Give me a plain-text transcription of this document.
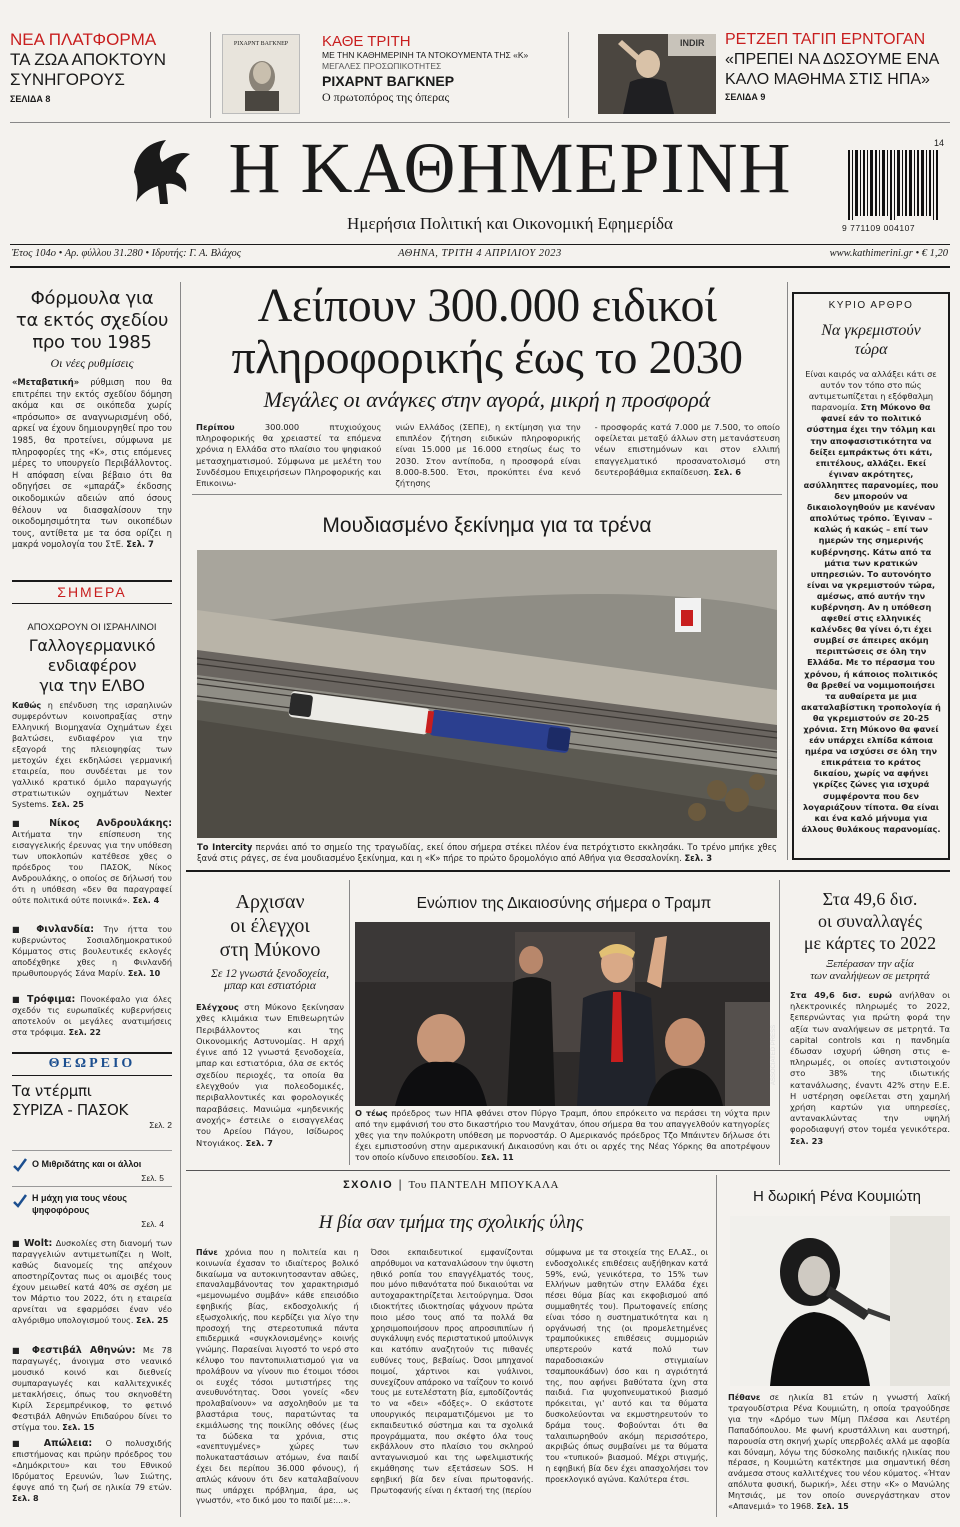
ΝΕΑ ΠΛΑΤΦΟΡΜΑ
ΤΑ ΖΩΑ ΑΠΟΚΤΟΥΝ
ΣΥΝΗΓΟΡΟΥΣ
ΣΕΛΙΔΑ 8
ΡΙΧΑΡΝΤ ΒΑΓΚΝΕΡ	ΚΑΘΕ ΤΡΙΤΗ
ΜΕ ΤΗΝ ΚΑΘΗΜΕΡΙΝΗ ΤΑ ΝΤΟΚΟΥΜΕΝΤΑ ΤΗΣ «Κ»
ΜΕΓΑΛΕΣ ΠΡΟΣΩΠΙΚΟΤΗΤΕΣ
ΡΙΧΑΡΝΤ ΒΑΓΚΝΕΡ
Ο πρωτοπόρος της όπερας
INDIR ΡΕΤΖΕΠ ΤΑΓΙΠ ΕΡΝΤΟΓΑΝ
«ΠΡΕΠΕΙ ΝΑ ΔΩΣΟΥΜΕ ΕΝΑ
ΚΑΛΟ ΜΑΘΗΜΑ ΣΤΙΣ ΗΠΑ»
ΣΕΛΙΔΑ 9
Η ΚΑΘΗΜΕΡΙΝΗ
Ημερήσια Πολιτική και Οικονομική Εφημερίδα
14
9 771109 004107
Έτος 104ο • Αρ. φύλλου 31.280 • Ιδρυτής: Γ. Α. Βλάχος	ΑΘΗΝΑ, ΤΡΙΤΗ 4 ΑΠΡΙΛΙΟΥ 2023	www.kathimerini.gr • € 1,20
Φόρμουλα για
τα εκτός σχεδίου
προ του 1985
Οι νέες ρυθμίσεις
«Μεταβατική» ρύθμιση που θα επιτρέπει την εκτός σχεδίου δόμηση ακόμα και σε οικόπεδα χωρίς «πρόσωπο» σε αναγνωρισμένη οδό, αρκεί να έχουν δημιουργηθεί προ του 1985, θα προτείνει, σύμφωνα με πληροφορίες της «Κ», στις επόμενες μέρες το υπουργείο Περιβάλλοντος. Η απόφαση είναι βέβαιο ότι θα οδηγήσει σε «μπαράζ» έκδοσης οικοδομικών αδειών από όσους θέλουν να διασφαλίσουν την οικοδομησιμότητα των οικοπέδων τους, αντίθετα με τα όσα ορίζει η μακρά νομολογία του ΣτΕ. Σελ. 7
ΣΗΜΕΡΑ
ΑΠΟΧΩΡΟΥΝ ΟΙ ΙΣΡΑΗΛΙΝΟΙ
Γαλλογερμανικό
ενδιαφέρον
για την ΕΛΒΟ
Καθώς η επένδυση της ισραηλινών συμφερόντων κοινοπραξίας στην Ελληνική Βιομηχανία Οχημάτων έχει βαλτώσει, ενδιαφέρον για την εξαγορά της πλειοψηφίας των μετοχών έχει εκδηλώσει γερμανική εταιρεία, που συνδέεται με τον γαλλικό κρατικό όμιλο παραγωγής στρατιωτικών οχημάτων Nexter Systems. Σελ. 25
■ Νίκος Ανδρουλάκης: Αιτήματα την επίσπευση της εισαγγελικής έρευνας για την υπόθεση των υποκλοπών κατέθεσε χθες ο πρόεδρος του ΠΑΣΟΚ, Νίκος Ανδρουλάκης, ο οποίος σε δήλωσή του ότι η υπόθεση «δεν θα παραγραφεί ούτε πολιτικά ούτε ποινικά». Σελ. 4
■ Φινλανδία: Την ήττα του κυβερνώντος Σοσιαλδημοκρατικού Κόμματος στις βουλευτικές εκλογές αποδέχθηκε χθες η Φινλανδή πρωθυπουργός Σάνα Μαρίν. Σελ. 10
■ Τρόφιμα: Πονοκέφαλο για όλες σχεδόν τις ευρωπαϊκές κυβερνήσεις αποτελούν οι μεγάλες ανατιμήσεις στα τρόφιμα. Σελ. 22
ΘΕΩΡΕΙΟ
Τα ντέρμπι
ΣΥΡΙΖΑ - ΠΑΣΟΚ
Σελ. 2
Ο Μιθριδάτης και οι άλλοι
Σελ. 5
Η μάχη για τους νέους
ψηφοφόρους
Σελ. 4
■ Wolt: Δυσκολίες στη διανομή των παραγγελιών αντιμετωπίζει η Wolt, καθώς διανομείς της απέχουν αποστηρίζοντας πως οι αμοιβές τους έχουν μειωθεί κατά 40% σε σχέση με τον Μάρτιο του 2022, ότι η εταιρεία αρνείται να εφαρμόσει έναν νέο αλγόριθμο υπολογισμού τους. Σελ. 25
■ Φεστιβάλ Αθηνών: Με 78 παραγωγές, άνοιγμα στο νεανικό μουσικό κοινό και διεθνείς συμπαραγωγές και καλλιτεχνικές μετακλήσεις, όπως του σκηνοθέτη Κιρίλ Σερεμπρένικοφ, το φετινό Φεστιβάλ Αθηνών Επιδαύρου δίνει το στίγμα του. Σελ. 15
■ Απώλεια: Ο πολυσχιδής επιστήμονας και πρώην πρόεδρος του «Δημόκριτου» και του Εθνικού Ιδρύματος Ερευνών, Ίων Σιώτης, έφυγε από τη ζωή σε ηλικία 79 ετών. Σελ. 8
Λείπουν 300.000 ειδικοί
πληροφορικής έως το 2030
Μεγάλες οι ανάγκες στην αγορά, μικρή η προσφορά
Περίπου	300.000 πτυχιούχους πληροφορικής θα χρειαστεί τα επόμενα χρόνια η Ελλάδα στο πλαίσιο του ψηφιακού μετασχηματισμού. Σύμφωνα με μελέτη του Συνδέσμου Επιχειρήσεων Πληροφορικής και Επικοινω-
νιών Ελλάδος (ΣΕΠΕ), η εκτίμηση για την επιπλέον ζήτηση ειδικών πληροφορικής είναι 15.000 με 16.000 ετησίως έως το 2030. Στον αντίποδα, η προσφορά είναι 8.000-8.500. Έτσι, προκύπτει ένα κενό ζήτησης
- προσφοράς κατά 7.000 με 7.500, το οποίο οφείλεται μεταξύ άλλων στη μετανάστευση νέων επιστημόνων και στον ελλιπή επαγγελματικό προσανατολισμό στη δευτεροβάθμια εκπαίδευση. Σελ. 6
Μουδιασμένο ξεκίνημα για τα τρένα
ΑΛΕΞΑΝΔΡΟΣ ΑΒΡΑΜΙΔΗΣ
Το Intercity περνάει από το σημείο της τραγωδίας, εκεί όπου σήμερα στέκει πλέον ένα πετρόχτιστο εκκλησάκι. Το τρένο μπήκε χθες ξανά στις ράγες, σε ένα μουδιασμένο ξεκίνημα, και η «Κ» πήρε το πρώτο δρομολόγιο από Αθήνα για Θεσσαλονίκη. Σελ. 3
ΚΥΡΙΟ ΑΡΘΡΟ
Να γκρεμιστούν
τώρα
Είναι καιρός να αλλάξει κάτι σε αυτόν τον τόπο στο πώς αντιμετωπίζεται η εξόφθαλμη παρανομία. Στη Μύκονο θα φανεί εάν το πολιτικό σύστημα έχει την τόλμη και την αποφασιστικότητα να δείξει εμπράκτως ότι κάτι, επιτέλους, αλλάζει. Εκεί έγιναν ακρότητες, ασύλληπτες παρανομίες, που δεν μπορούν να δικαιολογηθούν με κανέναν απολύτως τρόπο. Έγιναν – καλώς ή κακώς – επί των ημερών της σημερινής κυβέρνησης. Κάτω από τα μάτια των κρατικών υπηρεσιών. Το αυτονόητο είναι να γκρεμιστούν τώρα, αμέσως, από αυτήν την κυβέρνηση. Αν η υπόθεση αφεθεί στις ελληνικές καλένδες θα γίνει ό,τι έχει συμβεί σε άπειρες ακόμη περιπτώσεις σε όλη την Ελλάδα. Με το πέρασμα του χρόνου, ή κάποιος πολιτικός θα βρεθεί να νομιμοποιήσει τα αυθαίρετα με μια ακαταλαβίστικη τροπολογία ή θα γκρεμιστούν σε 20-25 χρόνια. Στη Μύκονο θα φανεί εάν υπάρχει ελπίδα κάποια ημέρα να ισχύσει σε όλη την επικράτεια το κράτος δικαίου, χωρίς να αφήνει γκρίζες ζώνες για ισχυρά συμφέροντα που δεν λογαριάζουν τίποτα. Θα είναι και ένα καλό μήνυμα για άλλους θυλάκους παρανομίας.
Αρχισαν
οι έλεγχοι
στη Μύκονο
Σε 12 γνωστά ξενοδοχεία,
μπαρ και εστιατόρια
Ελέγχους στη Μύκονο ξεκίνησαν χθες κλιμάκια των Επιθεωρητών Περιβάλλοντος και της Οικονομικής Αστυνομίας. Η αρχή έγινε από 12 γνωστά ξενοδοχεία, μπαρ και εστιατόρια, όλα σε εκτός σχεδίου περιοχές, τα οποία θα ελεγχθούν για πολεοδομικές, περιβαλλοντικές και φορολογικές παραβάσεις. Μανιώμα «μηδενικής ανοχής» έστειλε ο εισαγγελέας του Αρείου Πάγου, Ισίδωρος Ντογιάκος. Σελ. 7
Ενώπιον της Δικαιοσύνης σήμερα ο Τραμπ
ASSOCIATED PRESS
Ο τέως πρόεδρος των ΗΠΑ φθάνει στον Πύργο Τραμπ, όπου επρόκειτο να περάσει τη νύχτα πριν από την εμφάνισή του στο δικαστήριο του Μανχάταν, όπου σήμερα θα του απαγγελθούν κατηγορίες χθες για την πολύκροτη υπόθεση με πορνοστάρ. Ο Αμερικανός πρόεδρος Τζο Μπάιντεν δήλωσε ότι έχει εμπιστοσύνη στην αμερικανική Δικαιοσύνη και ότι οι αρχές της Νέας Υόρκης θα αποτρέψουν τον οποίο κίνδυνο επεισοδίου. Σελ. 11
Στα 49,6 δισ.
οι συναλλαγές
με κάρτες το 2022
Ξεπέρασαν την αξία
των αναλήψεων σε μετρητά
Στα 49,6 δισ. ευρώ ανήλθαν οι ηλεκτρονικές πληρωμές το 2022, ξεπερνώντας για πρώτη φορά την αξία των αναλήψεων σε μετρητά. Τα capital controls και η πανδημία έδωσαν ισχυρή ώθηση στις e-πληρωμές, οι οποίες αντιστοιχούν στο 38% της ιδιωτικής κατανάλωσης, έναντι 42% στην Ε.Ε. Η υστέρηση οφείλεται στη χαμηλή χρήση καρτών για υπηρεσίες, αντανακλώντας την υψηλή φοροδιαφυγή στον τομέα γενικότερα. Σελ. 23
ΣΧΟΛΙΟ | Του ΠΑΝΤΕΛΗ ΜΠΟΥΚΑΛΑ
Η βία σαν τμήμα της σχολικής ύλης
Πάνε χρόνια που η πολιτεία και η κοινωνία έχασαν το ιδιαίτερος βολικό δικαίωμα να αυτοκινητοσανταν αθώες, επαναλαμβάνοντας τον χαρακτηρισμό «μεμονωμένο συμβάν» κάθε επεισόδιο εφηβικής βίας, εκδοσχολικής ή εξωσχολικής, που κερδίζει για λίγο την προσοχή της στερεοτυπικά πάντα επιδερμικά «συγκλονισμένης» κοινής γνώμης. Παραείναι λιγοστό το νερό στο κέλυφο του παντοπυιλιατισμού για να προλάβουν να γίνουν πιο έτοιμοι τόσοι οι ευχές τόσοι μυτιστήρες της ανευθυνότητας. Όσοι γονείς «δεν προλαβαίνουν» να ασχοληθούν με τα βλαστάρια τους, παρατώντας τα εκμιάλωσης της ποικίλης οθόνες (έως τα δώδεκα τα χρόνια, στις «ανεπτυγμένες» χώρες των πολυκαταστάσιων ατόμων, ένα παιδί έχει δει περίπου 36.000 φόνους), ή απλώς κάνουν ότι δεν καταλαβαίνουν πως υπάρχει πρόβλημα, άρα, ως γνωστόν, «το δικό μου το παιδί με:...».
Όσοι εκπαιδευτικοί εμφανίζονται απρόθυμοι να καταναλώσουν την ύψιστη ηθικό ροπία του επαγγέλματός τους, που μόνο πιθανότατα πού δικαιούται να αυτοχαρακτηρίζεται λειτούργημα. Όσοι ιδιοκτήτες ιδιοκτησίας ψάχνουν πρώτα ποιο μέσο τους από τα πολλά θα χρησιμοποιήσουν προς απροσιπιπίων ή συγκάλυψη ενός περιστατικού μπούλινγκ και κατόπιν αναζητούν τις πιθανές ευθύνες τους, βεβαίως. Όσοι μπηχανοί ποιμοί, χάρτινοι και γυάλινοι, συνεχίζουν απάροκο να ταΐζουν το κοινό τους με ευτελέστατη βία, εμποδίζοντάς το να «δει» «δόξες». Ο εκάστοτε υπουργικός πειραματιζόμενοι με το εκπαιδευτικό σύστημα και τα σχολικά προγράμματα, που σκέφτο όλα τους εκβάλλουν στο πλαίσιο του σκληρού ανταγωνισμού και της ωφελιμιστικής εκμάθησης των εξετάσεων SOS. Η εφηβική βία δεν είναι πρωτοφανής. Πρωτοφανής είναι η έκτασή της (περίου
σύμφωνα με τα στοιχεία της ΕΛ.ΑΣ., οι ενδοσχολικές επιθέσεις αυξήθηκαν κατά 59%, ενώ, γενικότερα, το 15% των Ελλήνων μαθητών στην Ελλάδα έχει πέσει θύμα βίας και εκφοβισμού από συμμαθητές του). Πρωτοφανείς επίσης είναι τόσο η συστηματικότητα και η οργάνωσή της (οι προμελετημένες τραμπούκικες επιθέσεις συμμοριών υπερτερούν κατά πολύ των παραδοσιακών στιγμιαίων τσαμπουκάδων) όσο και η αγριότητά της, που αφήνει βαθύτατα ίχνη στα παιδιά. Για ψυχοπνευματικού βιασμό πρόκειται, γι' αυτό και τα θύματα δυσκολεύονται να εκμυστηρευτούν το δράμα τους. Φοβούνται ότι θα ταλαιπωρηθούν ακόμη περισσότερο, ακριβώς όπως συμβαίνει με τα θύματα του «τυπικού» βιασμού. Μέχρι στιγμής, η εφηβική βία δεν έχει απασχολήσει τον προεκλογικό αγώνα. Καλύτερα έτσι.
Η δωρική Ρένα Κουμιώτη
Πέθανε σε ηλικία 81 ετών η γνωστή λαϊκή τραγουδίστρια Ρένα Κουμιώτη, η οποία τραγούδησε για την «Δρόμο των Μίμη Πλέσσα και Λευτέρη Παπαδόπουλου. Με φωνή κρυστάλλινη και αυστηρή, παρουσία στη σκηνή χωρίς υπερβολές αλλά με αφοβία και δύναμη, λόγω της δύσκολης παιδικής ηλικίας που πέρασε, η Κουμιώτη κατέκτησε μια σημαντική θέση ανάμεσα στους καλλιτέχνες του νέου κύματος. «Ήταν απόλυτα φυσική, δωρική», λέει στην «Κ» ο Μανώλης Μητσιάς, με τον οποίο συνεργάστηκαν στον «Απανεμιά» το 1968. Σελ. 15
